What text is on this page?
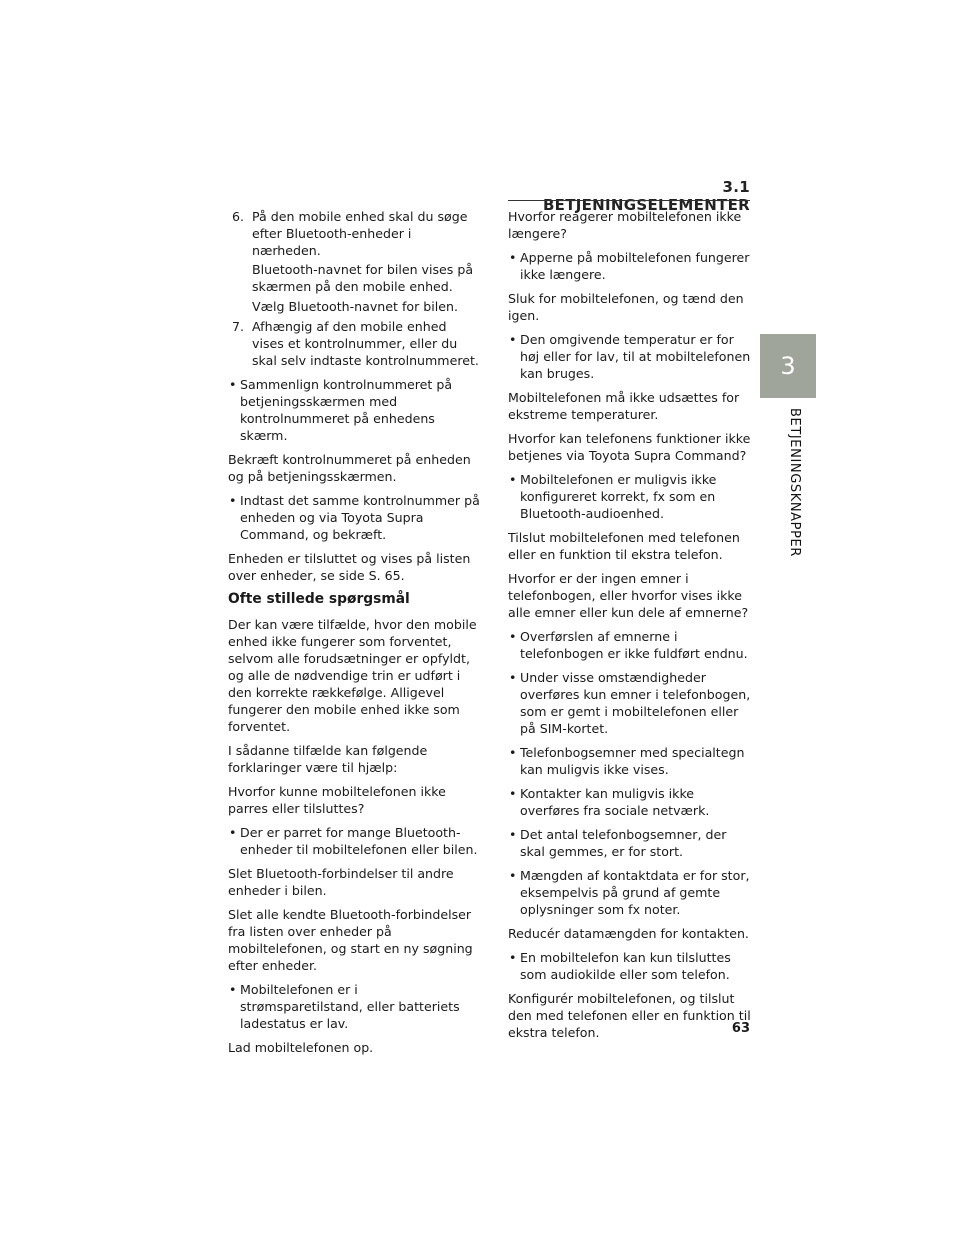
3.1 BETJENINGSELEMENTER
3
BETJENINGSKNAPPER
6. På den mobile enhed skal du søge efter Bluetooth-enheder i nærheden.
Bluetooth-navnet for bilen vises på skærmen på den mobile enhed.
Vælg Bluetooth-navnet for bilen.
7. Afhængig af den mobile enhed vises et kontrolnummer, eller du skal selv indtaste kontrolnummeret.
• Sammenlign kontrolnummeret på betjeningsskærmen med kontrolnummeret på enhedens skærm.

Bekræft kontrolnummeret på enheden og på betjeningsskærmen.

• Indtast det samme kontrolnummer på enheden og via Toyota Supra Command, og bekræft.

Enheden er tilsluttet og vises på listen over enheder, se side S. 65.

Ofte stillede spørgsmål

Der kan være tilfælde, hvor den mobile enhed ikke fungerer som forventet, selvom alle forudsætninger er opfyldt, og alle de nødvendige trin er udført i den korrekte rækkefølge. Alligevel fungerer den mobile enhed ikke som forventet.

I sådanne tilfælde kan følgende forklaringer være til hjælp:

Hvorfor kunne mobiltelefonen ikke parres eller tilsluttes?

• Der er parret for mange Bluetooth-enheder til mobiltelefonen eller bilen.

Slet Bluetooth-forbindelser til andre enheder i bilen.

Slet alle kendte Bluetooth-forbindelser fra listen over enheder på mobiltelefonen, og start en ny søgning efter enheder.

• Mobiltelefonen er i strømsparetilstand, eller batteriets ladestatus er lav.

Lad mobiltelefonen op.

Hvorfor reagerer mobiltelefonen ikke længere?

• Apperne på mobiltelefonen fungerer ikke længere.

Sluk for mobiltelefonen, og tænd den igen.

• Den omgivende temperatur er for høj eller for lav, til at mobiltelefonen kan bruges.

Mobiltelefonen må ikke udsættes for ekstreme temperaturer.

Hvorfor kan telefonens funktioner ikke betjenes via Toyota Supra Command?

• Mobiltelefonen er muligvis ikke konfigureret korrekt, fx som en Bluetooth-audioenhed.

Tilslut mobiltelefonen med telefonen eller en funktion til ekstra telefon.

Hvorfor er der ingen emner i telefonbogen, eller hvorfor vises ikke alle emner eller kun dele af emnerne?

• Overførslen af emnerne i telefonbogen er ikke fuldført endnu.
• Under visse omstændigheder overføres kun emner i telefonbogen, som er gemt i mobiltelefonen eller på SIM-kortet.
• Telefonbogsemner med specialtegn kan muligvis ikke vises.
• Kontakter kan muligvis ikke overføres fra sociale netværk.
• Det antal telefonbogsemner, der skal gemmes, er for stort.
• Mængden af kontaktdata er for stor, eksempelvis på grund af gemte oplysninger som fx noter.

Reducér datamængden for kontakten.

• En mobiltelefon kan kun tilsluttes som audiokilde eller som telefon.

Konfigurér mobiltelefonen, og tilslut den med telefonen eller en funktion til ekstra telefon.	63
